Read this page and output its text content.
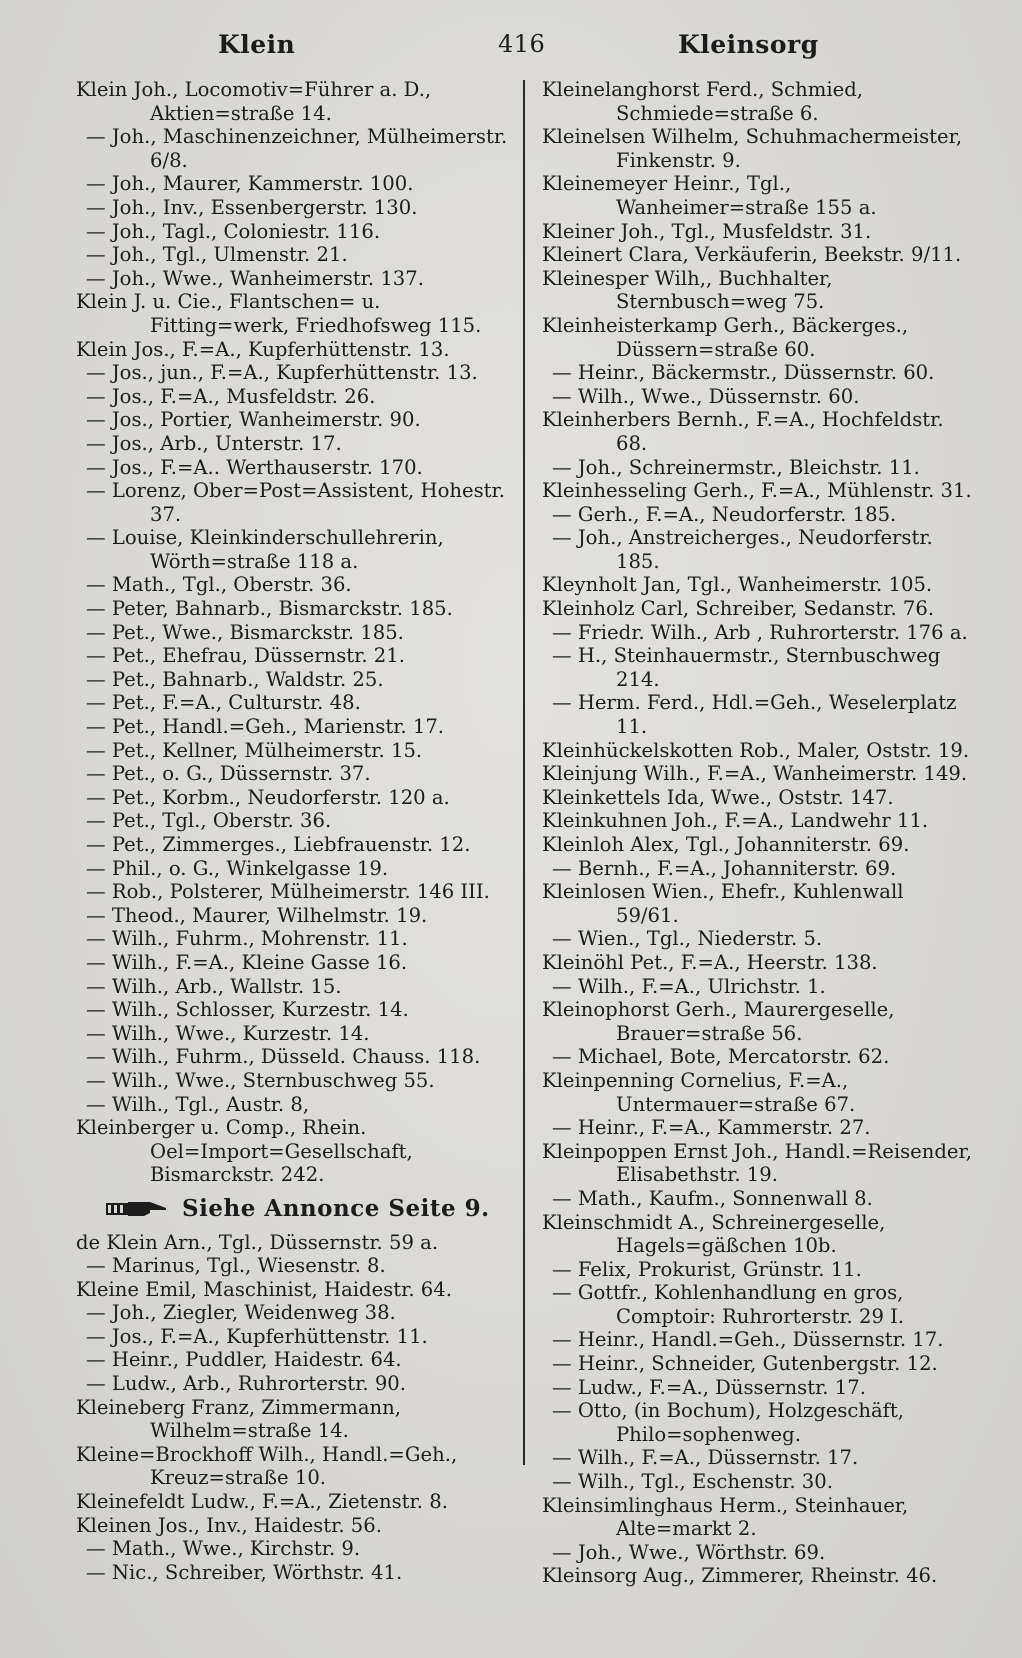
Klein	416	Kleinsorg
Klein Joh., Locomotiv=Führer a. D., Aktien=straße 14.
— Joh., Maschinenzeichner, Mülheimerstr. 6/8.
— Joh., Maurer, Kammerstr. 100.
— Joh., Inv., Essenbergerstr. 130.
— Joh., Tagl., Coloniestr. 116.
— Joh., Tgl., Ulmenstr. 21.
— Joh., Wwe., Wanheimerstr. 137.
Klein J. u. Cie., Flantschen= u. Fitting=werk, Friedhofsweg 115.
Klein Jos., F.=A., Kupferhüttenstr. 13.
— Jos., jun., F.=A., Kupferhüttenstr. 13.
— Jos., F.=A., Musfeldstr. 26.
— Jos., Portier, Wanheimerstr. 90.
— Jos., Arb., Unterstr. 17.
— Jos., F.=A.. Werthauserstr. 170.
— Lorenz, Ober=Post=Assistent, Hohestr. 37.
— Louise, Kleinkinderschullehrerin, Wörth=straße 118 a.
— Math., Tgl., Oberstr. 36.
— Peter, Bahnarb., Bismarckstr. 185.
— Pet., Wwe., Bismarckstr. 185.
— Pet., Ehefrau, Düssernstr. 21.
— Pet., Bahnarb., Waldstr. 25.
— Pet., F.=A., Culturstr. 48.
— Pet., Handl.=Geh., Marienstr. 17.
— Pet., Kellner, Mülheimerstr. 15.
— Pet., o. G., Düssernstr. 37.
— Pet., Korbm., Neudorferstr. 120 a.
— Pet., Tgl., Oberstr. 36.
— Pet., Zimmerges., Liebfrauenstr. 12.
— Phil., o. G., Winkelgasse 19.
— Rob., Polsterer, Mülheimerstr. 146 III.
— Theod., Maurer, Wilhelmstr. 19.
— Wilh., Fuhrm., Mohrenstr. 11.
— Wilh., F.=A., Kleine Gasse 16.
— Wilh., Arb., Wallstr. 15.
— Wilh., Schlosser, Kurzestr. 14.
— Wilh., Wwe., Kurzestr. 14.
— Wilh., Fuhrm., Düsseld. Chauss. 118.
— Wilh., Wwe., Sternbuschweg 55.
— Wilh., Tgl., Austr. 8,
Kleinberger u. Comp., Rhein. Oel=Import=Gesellschaft, Bismarckstr. 242.
Siehe Annonce Seite 9.
de Klein Arn., Tgl., Düssernstr. 59 a.
— Marinus, Tgl., Wiesenstr. 8.
Kleine Emil, Maschinist, Haidestr. 64.
— Joh., Ziegler, Weidenweg 38.
— Jos., F.=A., Kupferhüttenstr. 11.
— Heinr., Puddler, Haidestr. 64.
— Ludw., Arb., Ruhrorterstr. 90.
Kleineberg Franz, Zimmermann, Wilhelm=straße 14.
Kleine=Brockhoff Wilh., Handl.=Geh., Kreuz=straße 10.
Kleinefeldt Ludw., F.=A., Zietenstr. 8.
Kleinen Jos., Inv., Haidestr. 56.
— Math., Wwe., Kirchstr. 9.
— Nic., Schreiber, Wörthstr. 41.
Kleinelanghorst Ferd., Schmied, Schmiede=straße 6.
Kleinelsen Wilhelm, Schuhmachermeister, Finkenstr. 9.
Kleinemeyer Heinr., Tgl., Wanheimer=straße 155 a.
Kleiner Joh., Tgl., Musfeldstr. 31.
Kleinert Clara, Verkäuferin, Beekstr. 9/11.
Kleinesper Wilh,, Buchhalter, Sternbusch=weg 75.
Kleinheisterkamp Gerh., Bäckerges., Düssern=straße 60.
— Heinr., Bäckermstr., Düssernstr. 60.
— Wilh., Wwe., Düssernstr. 60.
Kleinherbers Bernh., F.=A., Hochfeldstr. 68.
— Joh., Schreinermstr., Bleichstr. 11.
Kleinhesseling Gerh., F.=A., Mühlenstr. 31.
— Gerh., F.=A., Neudorferstr. 185.
— Joh., Anstreicherges., Neudorferstr. 185.
Kleynholt Jan, Tgl., Wanheimerstr. 105.
Kleinholz Carl, Schreiber, Sedanstr. 76.
— Friedr. Wilh., Arb , Ruhrorterstr. 176 a.
— H., Steinhauermstr., Sternbuschweg 214.
— Herm. Ferd., Hdl.=Geh., Weselerplatz 11.
Kleinhückelskotten Rob., Maler, Oststr. 19.
Kleinjung Wilh., F.=A., Wanheimerstr. 149.
Kleinkettels Ida, Wwe., Oststr. 147.
Kleinkuhnen Joh., F.=A., Landwehr 11.
Kleinloh Alex, Tgl., Johanniterstr. 69.
— Bernh., F.=A., Johanniterstr. 69.
Kleinlosen Wien., Ehefr., Kuhlenwall 59/61.
— Wien., Tgl., Niederstr. 5.
Kleinöhl Pet., F.=A., Heerstr. 138.
— Wilh., F.=A., Ulrichstr. 1.
Kleinophorst Gerh., Maurergeselle, Brauer=straße 56.
— Michael, Bote, Mercatorstr. 62.
Kleinpenning Cornelius, F.=A., Untermauer=straße 67.
— Heinr., F.=A., Kammerstr. 27.
Kleinpoppen Ernst Joh., Handl.=Reisender, Elisabethstr. 19.
— Math., Kaufm., Sonnenwall 8.
Kleinschmidt A., Schreinergeselle, Hagels=gäßchen 10b.
— Felix, Prokurist, Grünstr. 11.
— Gottfr., Kohlenhandlung en gros, Comptoir: Ruhrorterstr. 29 I.
— Heinr., Handl.=Geh., Düssernstr. 17.
— Heinr., Schneider, Gutenbergstr. 12.
— Ludw., F.=A., Düssernstr. 17.
— Otto, (in Bochum), Holzgeschäft, Philo=sophenweg.
— Wilh., F.=A., Düssernstr. 17.
— Wilh., Tgl., Eschenstr. 30.
Kleinsimlinghaus Herm., Steinhauer, Alte=markt 2.
— Joh., Wwe., Wörthstr. 69.
Kleinsorg Aug., Zimmerer, Rheinstr. 46.
